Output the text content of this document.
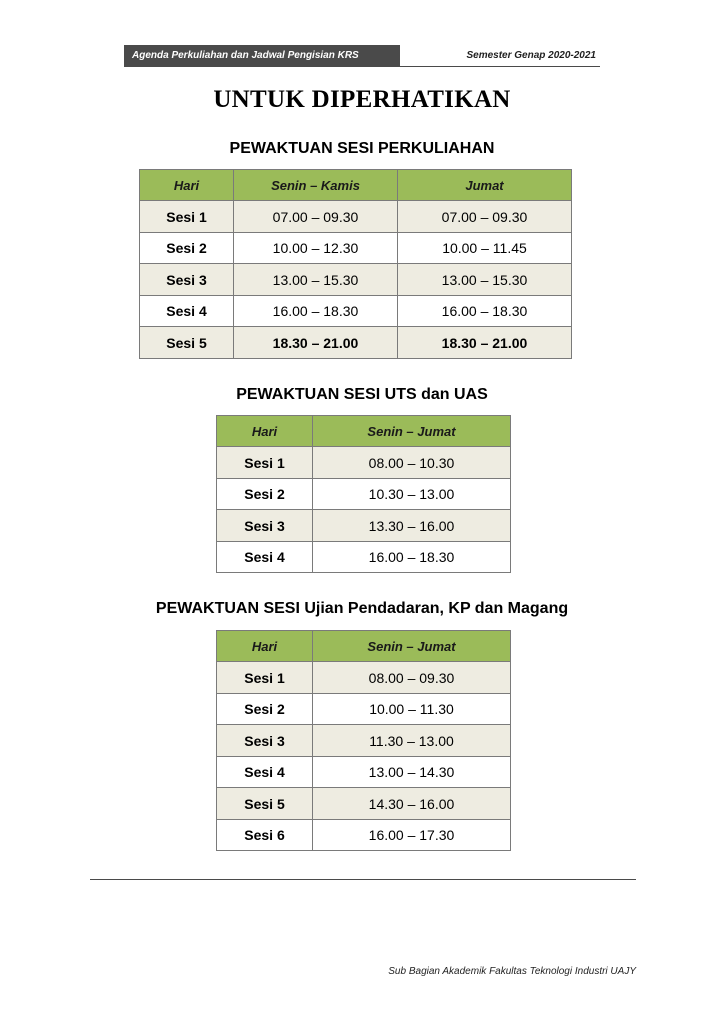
Agenda Perkuliahan dan Jadwal Pengisian KRS	Semester Genap 2020-2021
UNTUK DIPERHATIKAN
PEWAKTUAN SESI PERKULIAHAN
Hari	Senin – Kamis	Jumat
Sesi 1	07.00 – 09.30	07.00 – 09.30
Sesi 2	10.00 – 12.30	10.00 – 11.45
Sesi 3	13.00 – 15.30	13.00 – 15.30
Sesi 4	16.00 – 18.30	16.00 – 18.30
Sesi 5	18.30 – 21.00	18.30 – 21.00
PEWAKTUAN SESI UTS dan UAS
Hari	Senin – Jumat
Sesi 1	08.00 – 10.30
Sesi 2	10.30 – 13.00
Sesi 3	13.30 – 16.00
Sesi 4	16.00 – 18.30
PEWAKTUAN SESI Ujian Pendadaran, KP dan Magang
Hari	Senin – Jumat
Sesi 1	08.00 – 09.30
Sesi 2	10.00 – 11.30
Sesi 3	11.30 – 13.00
Sesi 4	13.00 – 14.30
Sesi 5	14.30 – 16.00
Sesi 6	16.00 – 17.30
Sub Bagian Akademik Fakultas Teknologi Industri UAJY
